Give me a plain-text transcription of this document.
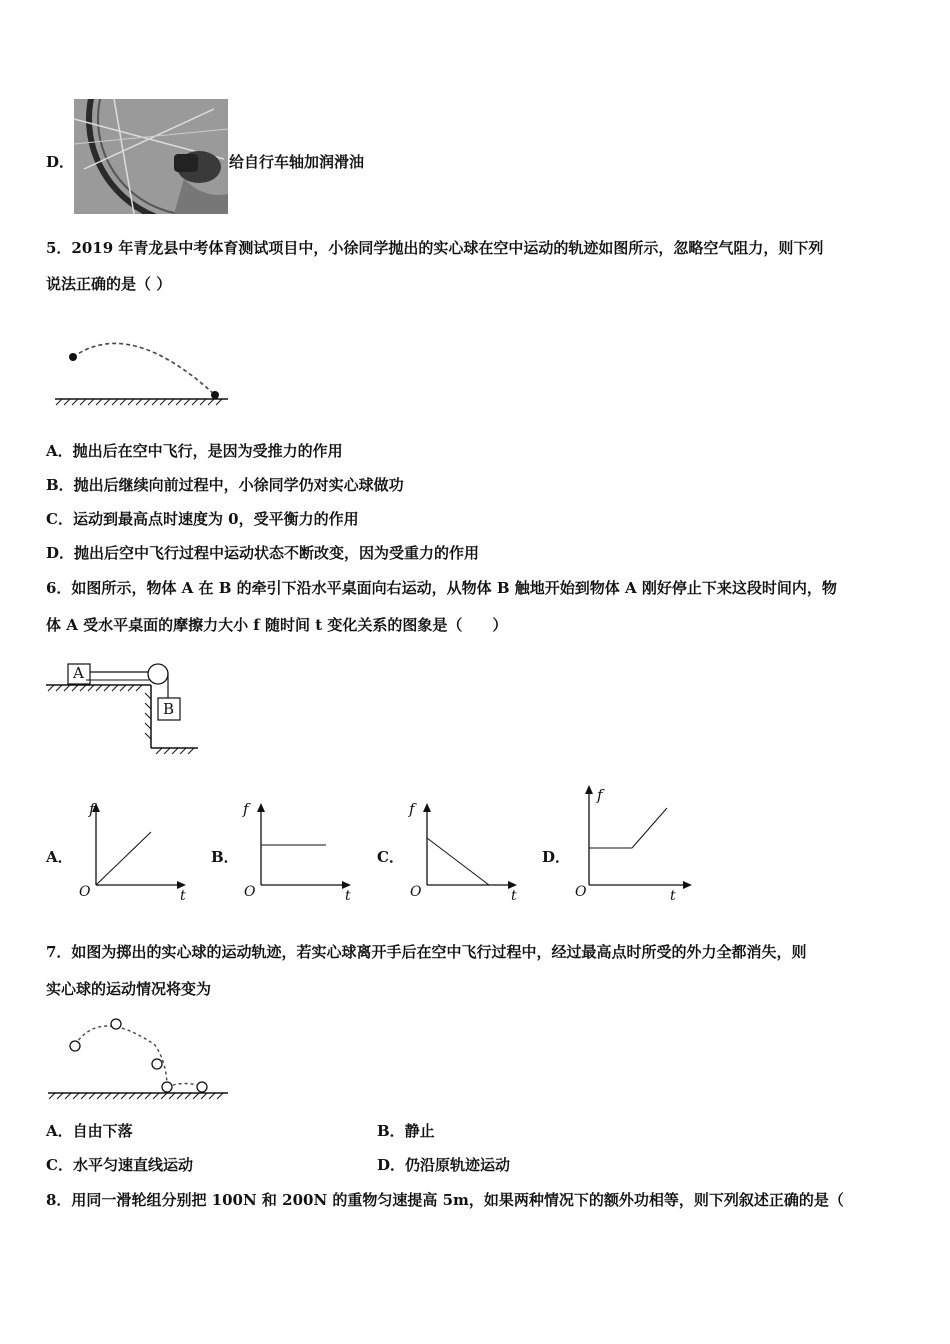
D．	给自行车轴加润滑油
5．2019 年青龙县中考体育测试项目中，小徐同学抛出的实心球在空中运动的轨迹如图所示，忽略空气阻力，则下列
说法正确的是（ ）
A．抛出后在空中飞行，是因为受推力的作用
B．抛出后继续向前过程中，小徐同学仍对实心球做功
C．运动到最高点时速度为 0，受平衡力的作用
D．抛出后空中飞行过程中运动状态不断改变，因为受重力的作用
6．如图所示，物体 A 在 B 的牵引下沿水平桌面向右运动，从物体 B 触地开始到物体 A 刚好停止下来这段时间内，物
体 A 受水平桌面的摩擦力大小 f 随时间 t 变化关系的图象是（　　）
A
B
A．
f
O	t
B．
f
O	t
C．
f
O	t
D．
f
O	t
7．如图为掷出的实心球的运动轨迹，若实心球离开手后在空中飞行过程中，经过最高点时所受的外力全都消失，则
实心球的运动情况将变为
A．自由下落	B．静止
C．水平匀速直线运动	D．仍沿原轨迹运动
8．用同一滑轮组分别把 100N 和 200N 的重物匀速提高 5m，如果两种情况下的额外功相等，则下列叙述正确的是（
